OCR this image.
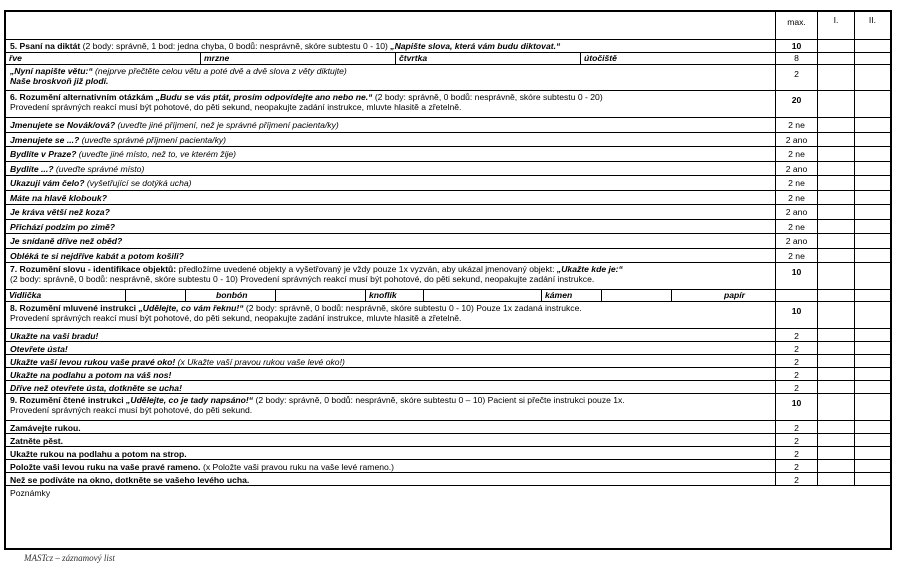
max.	I.	II.
5. Psaní na diktát (2 body: správně, 1 bod: jedna chyba, 0 bodů: nesprávně, skóre subtestu 0 - 10) „Napište slova, která vám budu diktovat.“	10
řve	mrzne	čtvrtka	útočiště	8
„Nyní napište větu:“ (nejprve přečtěte celou větu a poté dvě a dvě slova z věty diktujte)
Naše broskvoň již plodí.
2
6. Rozumění alternativním otázkám „Budu se vás ptát, prosím odpovídejte ano nebo ne.“ (2 body: správně, 0 bodů: nesprávně, skóre subtestu 0 - 20)
Provedení správných reakcí musí být pohotové, do pěti sekund, neopakujte zadání instrukce, mluvte hlasitě a zřetelně.
20
Jmenujete se Novák/ová? (uveďte jiné příjmení, než je správné příjmení pacienta/ky)	2 ne
Jmenujete se ...? (uveďte správné příjmení pacienta/ky)	2 ano
Bydlíte v Praze? (uveďte jiné místo, než to, ve kterém žije)	2 ne
Bydlíte ...? (uveďte správné místo)	2 ano
Ukazuji vám čelo? (vyšetřující se dotýká ucha)	2 ne
Máte na hlavě klobouk?	2 ne
Je kráva větší než koza?	2 ano
Přichází podzim po zimě?	2 ne
Je snídaně dříve než oběd?	2 ano
Obléká te si nejdříve kabát a potom košili?	2 ne
7. Rozumění slovu - identifikace objektů: předložíme uvedené objekty a vyšetřovaný je vždy pouze 1x vyzván, aby ukázal jmenovaný objekt: „Ukažte kde je:“
(2 body: správně, 0 bodů: nesprávně, skóre subtestu 0 - 10) Provedení správných reakcí musí být pohotové, do pěti sekund, neopakujte zadání instrukce.
10
Vidlička	bonbón	knoflík	kámen	papír
8. Rozumění mluvené instrukci „Udělejte, co vám řeknu!“ (2 body: správně, 0 bodů: nesprávně, skóre subtestu 0 - 10) Pouze 1x zadaná instrukce.
Provedení správných reakcí musí být pohotové, do pěti sekund, neopakujte zadání instrukce, mluvte hlasitě a zřetelně.
10
Ukažte na vaši bradu!	2
Otevřete ústa!	2
Ukažte vaší levou rukou vaše pravé oko! (x Ukažte vaší pravou rukou vaše levé oko!)	2
Ukažte na podlahu a potom na váš nos!	2
Dříve než otevřete ústa, dotkněte se ucha!	2
9. Rozumění čtené instrukci „Udělejte, co je tady napsáno!“ (2 body: správně, 0 bodů: nesprávně, skóre subtestu 0 – 10) Pacient si přečte instrukci pouze 1x.
Provedení správných reakcí musí být pohotové, do pěti sekund.
10
Zamávejte rukou.	2
Zatněte pěst.	2
Ukažte rukou na podlahu a potom na strop.	2
Položte vaši levou ruku na vaše pravé rameno. (x Položte vaši pravou ruku na vaše levé rameno.)	2
Než se podíváte na okno, dotkněte se vašeho levého ucha.	2
Poznámky
MASTcz – záznamový list
